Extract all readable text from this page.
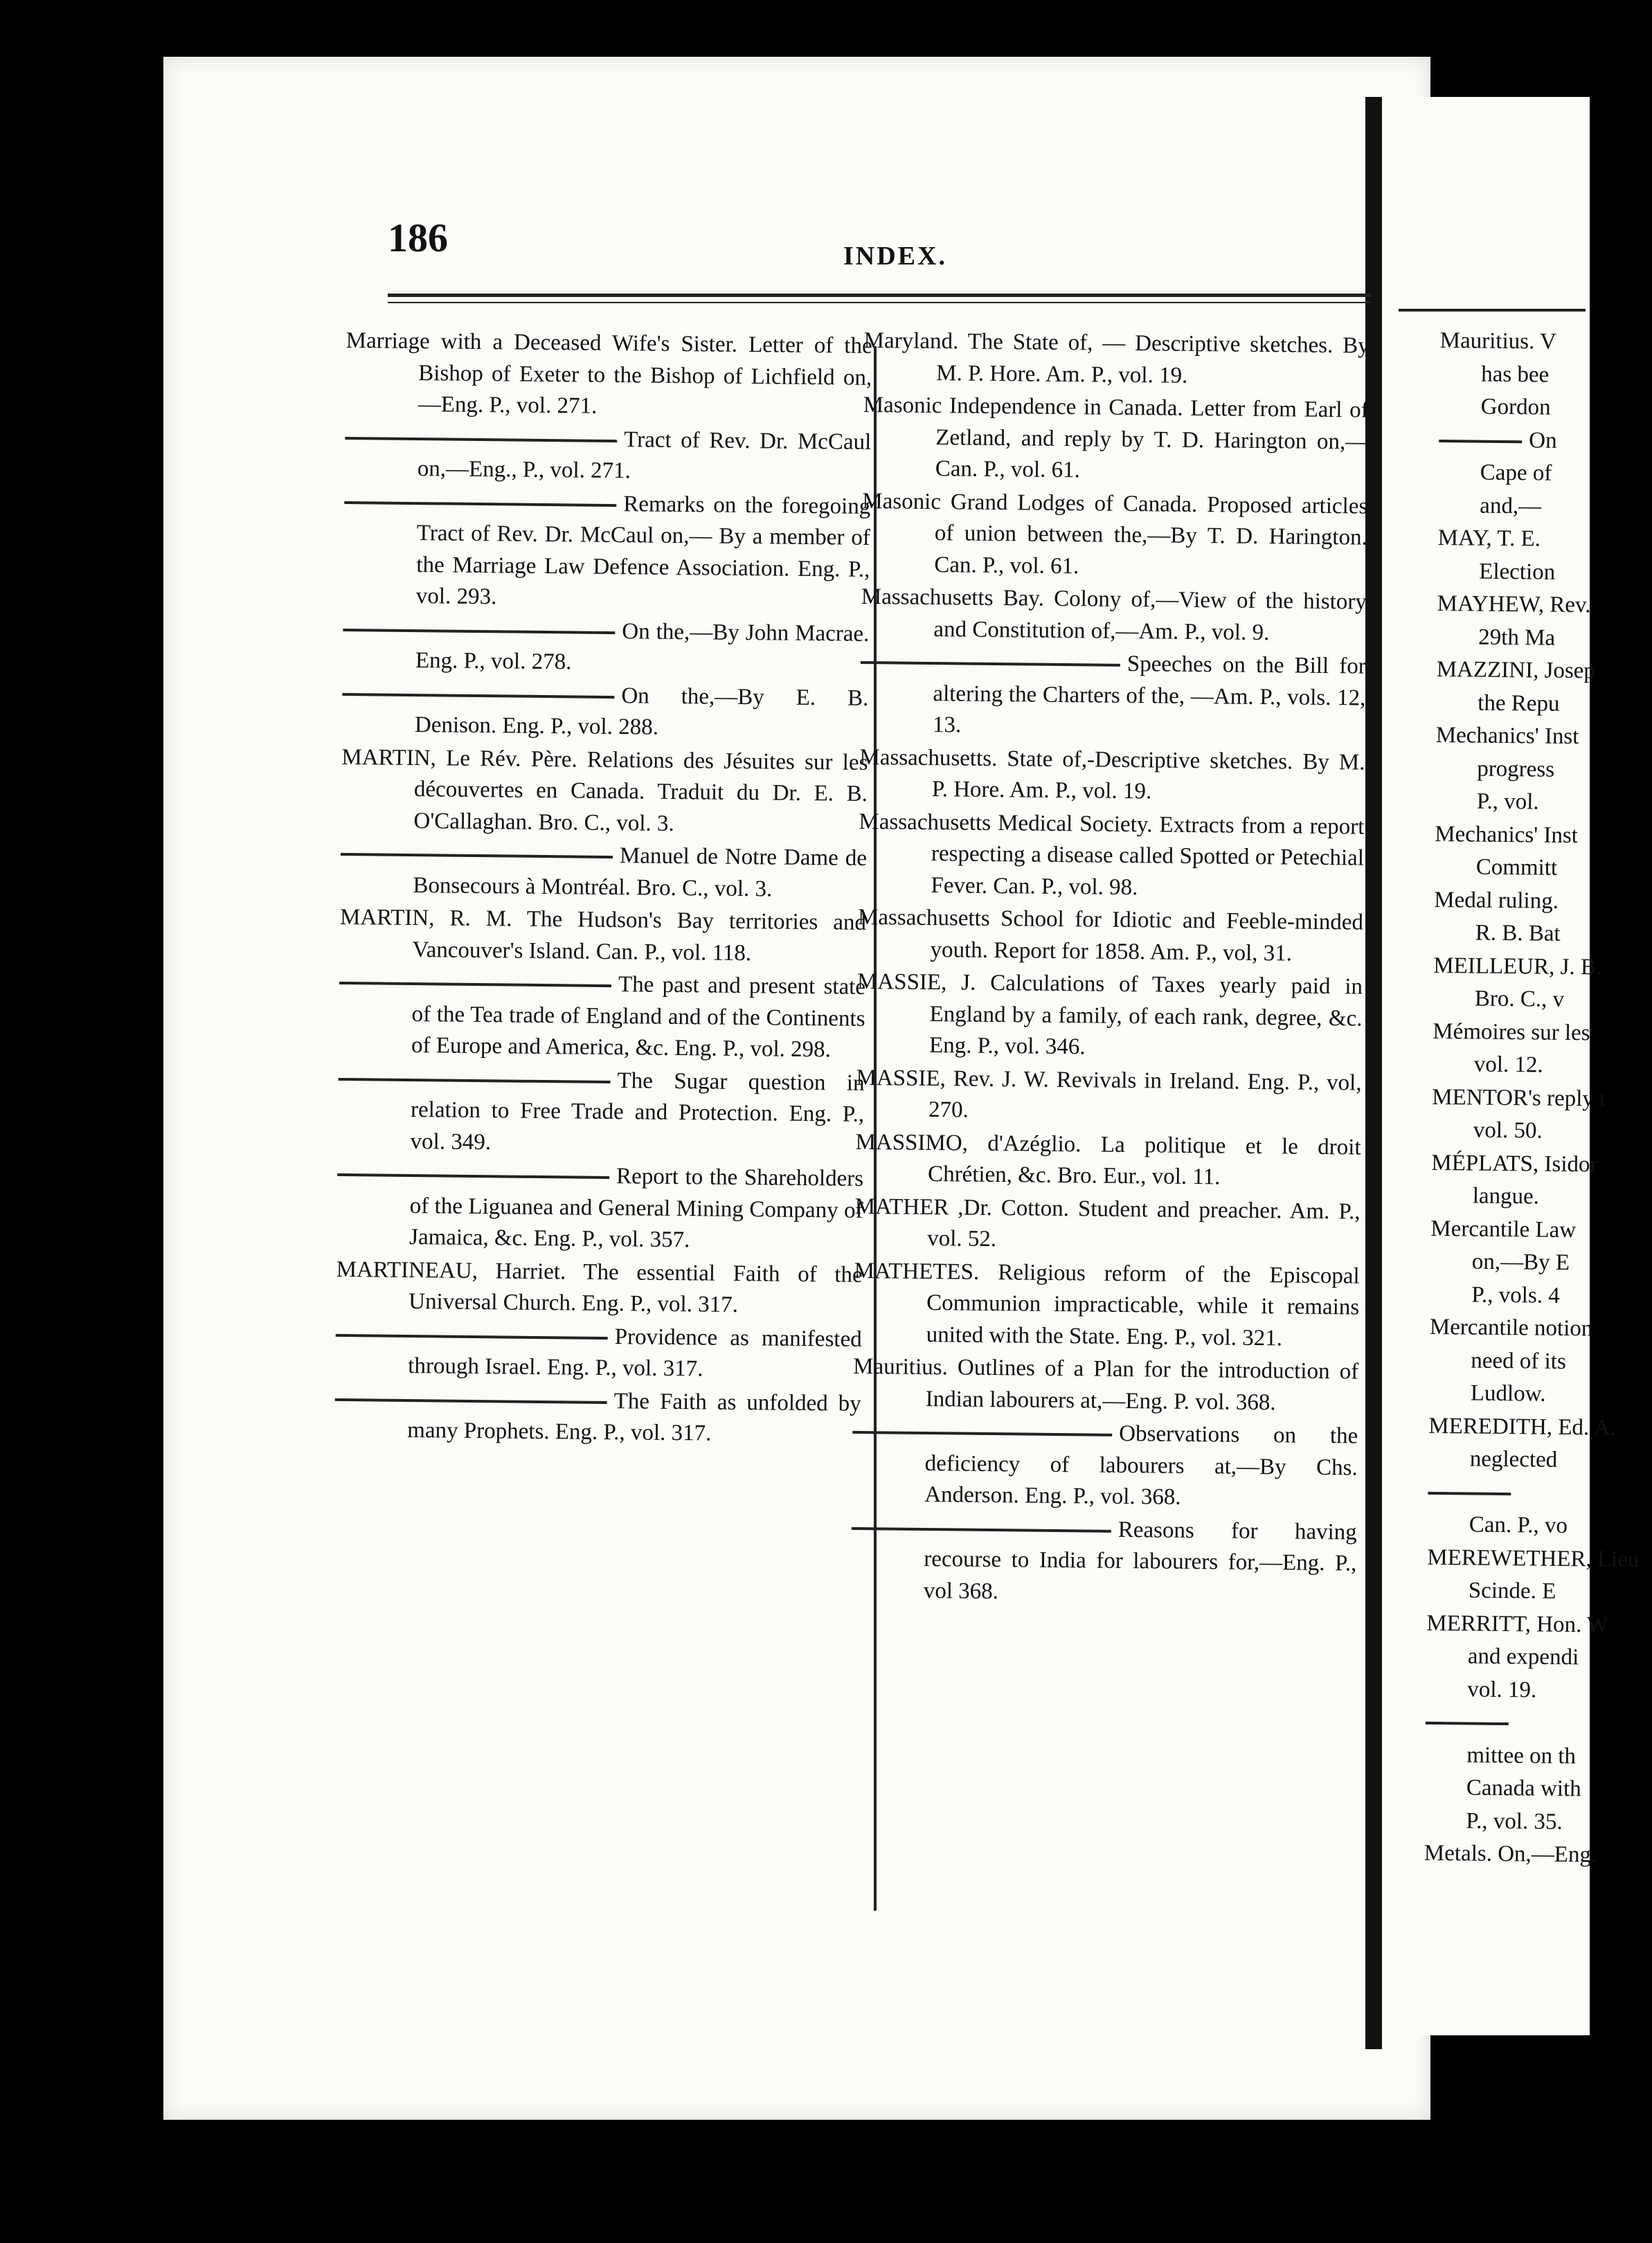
186	INDEX.
Marriage with a Deceased Wife's Sister. Letter of the Bishop of Exeter to the Bishop of Lichfield on,—Eng. P., vol. 271.
Tract of Rev. Dr. McCaul on,—Eng., P., vol. 271.
Remarks on the foregoing Tract of Rev. Dr. McCaul on,— By a member of the Marriage Law Defence Association. Eng. P., vol. 293.
On the,—By John Macrae. Eng. P., vol. 278.
On the,—By E. B. Denison. Eng. P., vol. 288.
MARTIN, Le Rév. Père. Relations des Jésuites sur les découvertes en Canada. Traduit du Dr. E. B. O'Callaghan. Bro. C., vol. 3.
Manuel de Notre Dame de Bonsecours à Montréal. Bro. C., vol. 3.
MARTIN, R. M. The Hudson's Bay territories and Vancouver's Island. Can. P., vol. 118.
The past and present state of the Tea trade of England and of the Continents of Europe and America, &c. Eng. P., vol. 298.
The Sugar question in relation to Free Trade and Protection. Eng. P., vol. 349.
Report to the Shareholders of the Liguanea and General Mining Company of Jamaica, &c. Eng. P., vol. 357.
MARTINEAU, Harriet. The essential Faith of the Universal Church. Eng. P., vol. 317.
Providence as manifested through Israel. Eng. P., vol. 317.
The Faith as unfolded by many Prophets. Eng. P., vol. 317.
Maryland. The State of, — Descriptive sketches. By M. P. Hore. Am. P., vol. 19.
Masonic Independence in Canada. Letter from Earl of Zetland, and reply by T. D. Harington on,—Can. P., vol. 61.
Masonic Grand Lodges of Canada. Proposed articles of union between the,—By T. D. Harington. Can. P., vol. 61.
Massachusetts Bay. Colony of,—View of the history and Constitution of,—Am. P., vol. 9.
Speeches on the Bill for altering the Charters of the, —Am. P., vols. 12, 13.
Massachusetts. State of,-Descriptive sketches. By M. P. Hore. Am. P., vol. 19.
Massachusetts Medical Society. Extracts from a report respecting a disease called Spotted or Petechial Fever. Can. P., vol. 98.
Massachusetts School for Idiotic and Feeble-minded youth. Report for 1858. Am. P., vol, 31.
MASSIE, J. Calculations of Taxes yearly paid in England by a family, of each rank, degree, &c. Eng. P., vol. 346.
MASSIE, Rev. J. W. Revivals in Ireland. Eng. P., vol, 270.
MASSIMO, d'Azéglio. La politique et le droit Chrétien, &c. Bro. Eur., vol. 11.
MATHER ,Dr. Cotton. Student and preacher. Am. P., vol. 52.
MATHETES. Religious reform of the Episcopal Communion impracticable, while it remains united with the State. Eng. P., vol. 321.
Mauritius. Outlines of a Plan for the introduction of Indian labourers at,—Eng. P. vol. 368.
Observations on the deficiency of labourers at,—By Chs. Anderson. Eng. P., vol. 368.
Reasons for having recourse to India for labourers for,—Eng. P., vol 368.
Mauritius. V
has bee
Gordon
On
Cape of
and,—
MAY, T. E.
Election
MAYHEW, Rev.
29th Ma
MAZZINI, Josep
the Repu
Mechanics' Inst
progress
P., vol.
Mechanics' Inst
Committ
Medal ruling.
R. B. Bat
MEILLEUR, J. B.
Bro. C., v
Mémoires sur les
vol. 12.
MENTOR's reply t
vol. 50.
MÉPLATS, Isidor
langue.
Mercantile Law
on,—By E
P., vols. 4
Mercantile notion
need of its
Ludlow.
MEREDITH, Ed. A.
neglected
Can. P., vo
MEREWETHER, Lieu
Scinde. E
MERRITT, Hon. W
and expendi
vol. 19.
mittee on th
Canada with
P., vol. 35.
Metals. On,—Eng.
